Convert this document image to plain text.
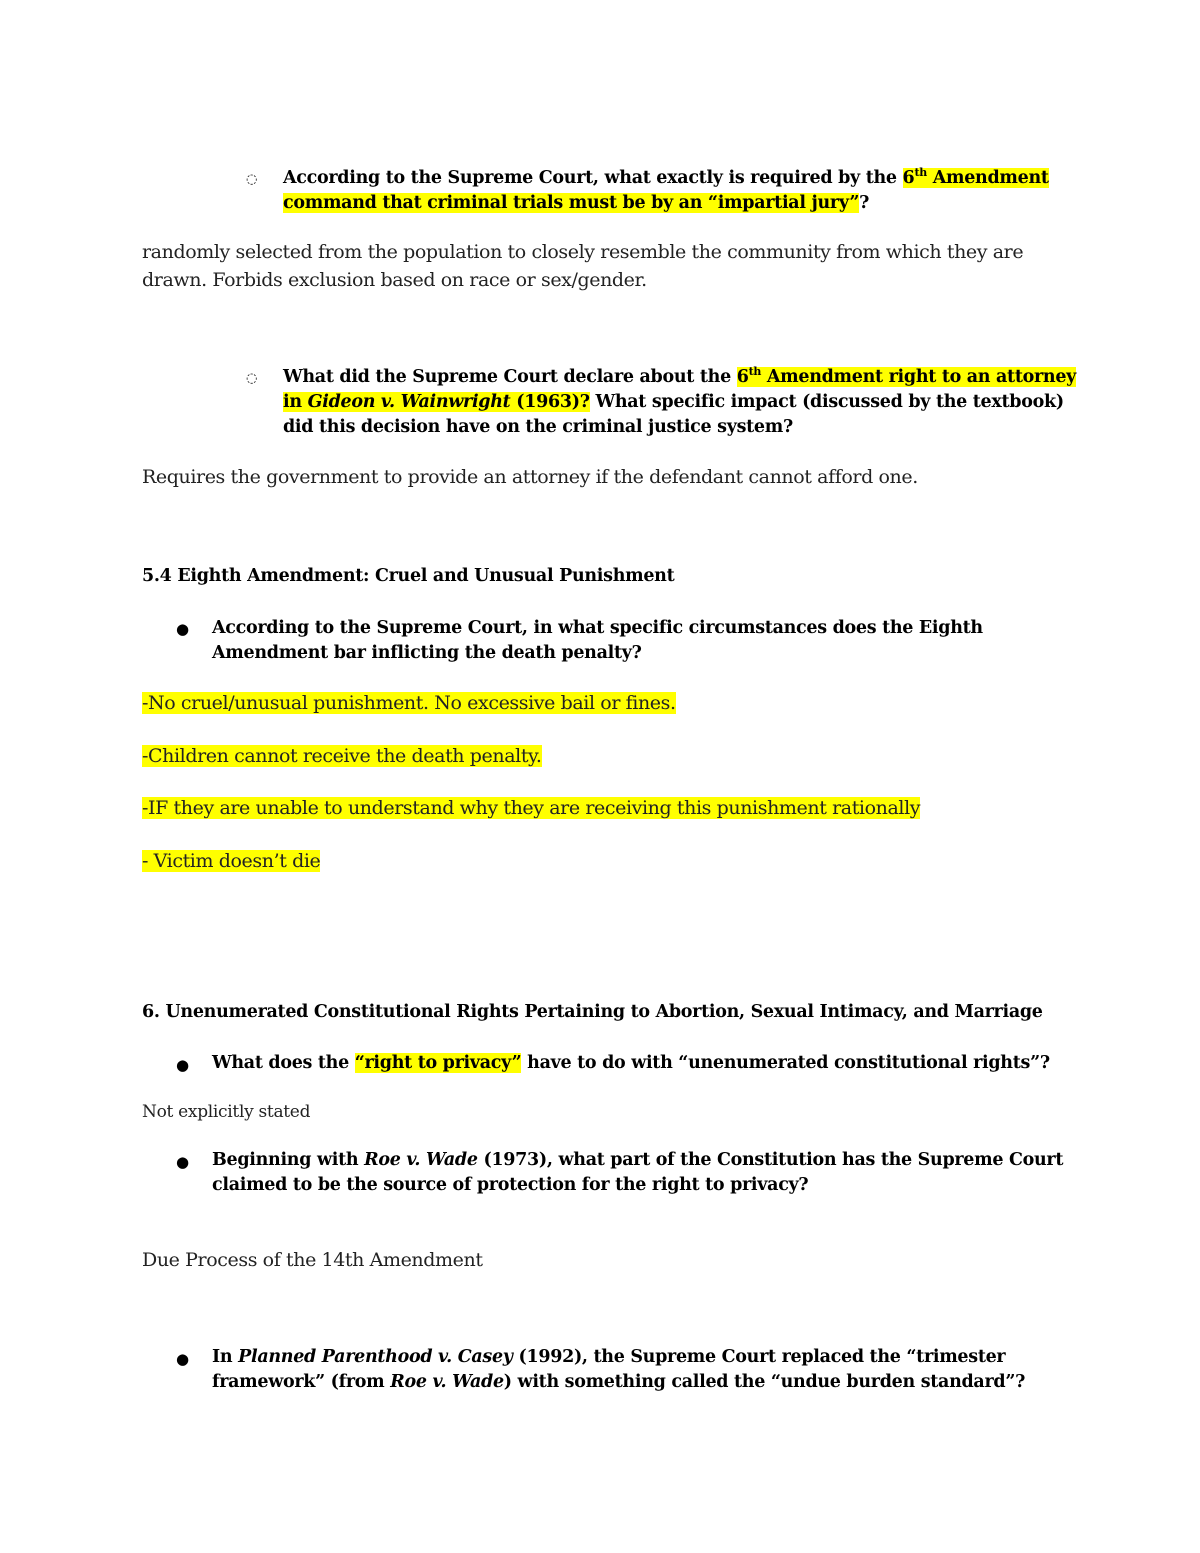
◌ According to the Supreme Court, what exactly is required by the 6th Amendment
command that criminal trials must be by an “impartial jury”?
randomly selected from the population to closely resemble the community from which they are
drawn. Forbids exclusion based on race or sex/gender.
◌ What did the Supreme Court declare about the 6th Amendment right to an attorney
in Gideon v. Wainwright (1963)? What specific impact (discussed by the textbook)
did this decision have on the criminal justice system?
Requires the government to provide an attorney if the defendant cannot afford one.
5.4 Eighth Amendment: Cruel and Unusual Punishment
● According to the Supreme Court, in what specific circumstances does the Eighth
Amendment bar inflicting the death penalty?
-No cruel/unusual punishment. No excessive bail or fines.
-Children cannot receive the death penalty.
-IF they are unable to understand why they are receiving this punishment rationally
- Victim doesn’t die
6. Unenumerated Constitutional Rights Pertaining to Abortion, Sexual Intimacy, and Marriage
● What does the “right to privacy” have to do with “unenumerated constitutional rights”?
Not explicitly stated
● Beginning with Roe v. Wade (1973), what part of the Constitution has the Supreme Court
claimed to be the source of protection for the right to privacy?
Due Process of the 14th Amendment
● In Planned Parenthood v. Casey (1992), the Supreme Court replaced the “trimester
framework” (from Roe v. Wade) with something called the “undue burden standard”?
